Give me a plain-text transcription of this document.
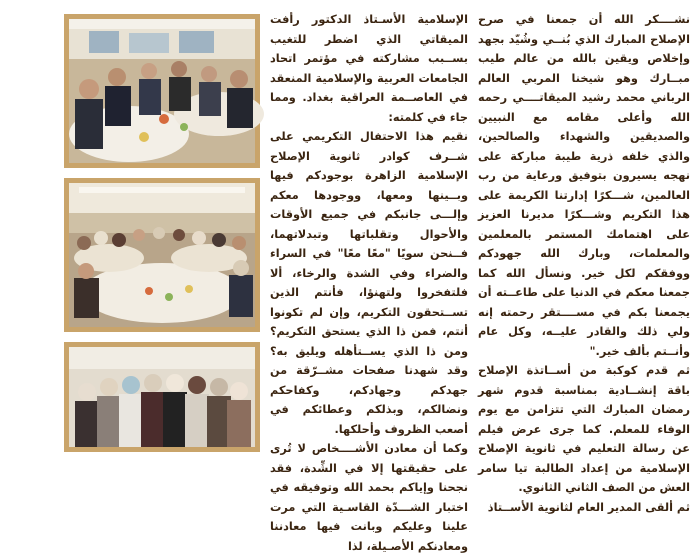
الإسلامية الأسـتاذ الدكتور رأفت الميقاتي الذي اضطر للتغيب بســبب مشاركته في مؤتمر اتحاد الجامعات العربية والإسلامية المنعقد في العاصــمة العراقية بغداد. ومما جاء في كلمته:

نقيم هذا الاحتفال التكريمي على شــرف كوادر ثانوية الإصلاح الإسلامية الزاهرة بوجودكم فيها وبــينها ومعها، ووجودها معكم وإلـــى جانبكم في جميع الأوقات والأحوال وتقلباتها وتبدلاتهما، فــنحن سويًا "معًا معًا" في السراء والضراء وفي الشدة والرخاء، ألا فلتفخروا ولتهنؤا، فأنتم الذين تســتحقون التكريم، وإن لم تكونوا أنتم، فمن ذا الذي يستحق التكريم؟ ومن ذا الذي يســتأهله ويليق به؟ وقد شهدنا صفحات مشــرّقة من جهدكم وجهادكم، وكفاحكم ونضالكم، وبذلكم وعطائكم في أصعب الظروف وأحلكها.

وكما أن معادن الأشــــخاص لا تُرى على حقيقتها إلا في الشِّدة، فقد نجحنا وإياكم بحمد الله وتوفيقه في اختبار الشـــدّة القاسـية التي مرت علينا وعليكم وبانت فيها معادننا ومعادنكم الأصـيلة، لذا

نشــــكر الله أن جمعنا في صرح الإصلاح المبارك الذي بُنــي وشُيّد بجهد وإخلاص ويقين بالله من عالم طيب مبــارك وهو شيخنا المربي العالم الرباني محمد رشيد الميقاتــــي رحمه الله وأعلى مقامه مع النبيين والصديقين والشهداء والصالحين، والذي خلفه ذرية طيبة مباركة على نهجه يسيرون بتوفيق ورعاية من رب العالمين، شـــكرًا إدارتنا الكريمة على هذا التكريم وشـــكرًا مديرنا العزيز على اهتمامك المستمر بالمعلمين والمعلمات، وبارك الله جهودكم ووفقكم لكل خير. ونسأل الله كما جمعنا معكم في الدنيا على طاعــته أن يجمعنا بكم في مســــتقر رحمته إنه ولي ذلك والقادر عليــه، وكل عام وأنــتم بألف خير."

ثم قدم كوكبة من أســاتذة الإصلاح باقة إنشــادية بمناسبة قدوم شهر رمضان المبارك التي تتزامن مع يوم الوفاء للمعلم. كما جرى عرض فيلم عن رسالة التعليم في ثانوية الإصلاح الإسلامية من إعداد الطالبة تيا سامر العش من الصف الثاني الثانوي.

ثم ألقى المدير العام لثانوية الأســتاذ
